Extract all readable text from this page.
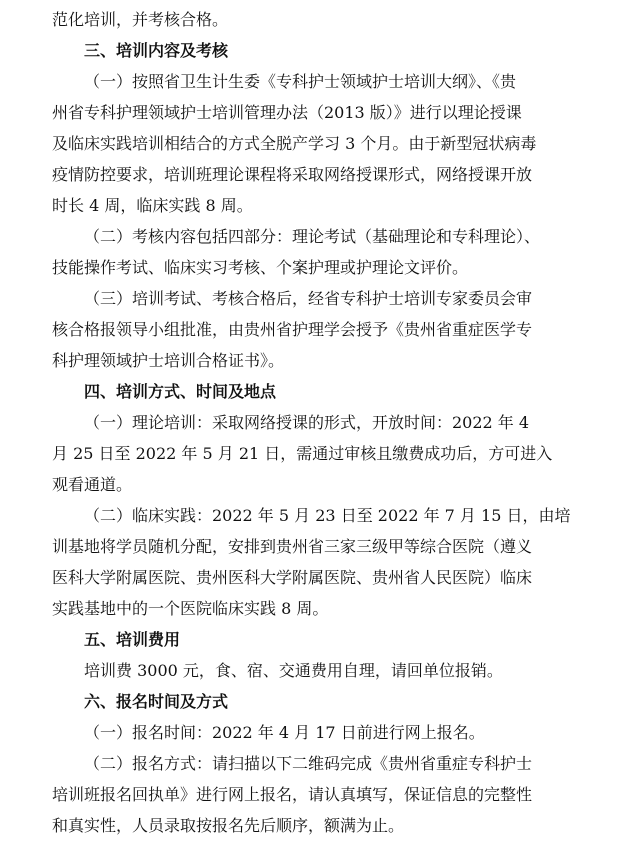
范化培训，并考核合格。
三、培训内容及考核
（一）按照省卫生计生委《专科护士领域护士培训大纲》、《贵
州省专科护理领域护士培训管理办法（2013 版）》进行以理论授课
及临床实践培训相结合的方式全脱产学习 3 个月。由于新型冠状病毒
疫情防控要求，培训班理论课程将采取网络授课形式，网络授课开放
时长 4 周，临床实践 8 周。
（二）考核内容包括四部分：理论考试（基础理论和专科理论）、
技能操作考试、临床实习考核、个案护理或护理论文评价。
（三）培训考试、考核合格后，经省专科护士培训专家委员会审
核合格报领导小组批准，由贵州省护理学会授予《贵州省重症医学专
科护理领域护士培训合格证书》。
四、培训方式、时间及地点
（一）理论培训：采取网络授课的形式，开放时间：2022 年 4
月 25 日至 2022 年 5 月 21 日，需通过审核且缴费成功后，方可进入
观看通道。
（二）临床实践：2022 年 5 月 23 日至 2022 年 7 月 15 日，由培
训基地将学员随机分配，安排到贵州省三家三级甲等综合医院（遵义
医科大学附属医院、贵州医科大学附属医院、贵州省人民医院）临床
实践基地中的一个医院临床实践 8 周。
五、培训费用
培训费 3000 元，食、宿、交通费用自理，请回单位报销。
六、报名时间及方式
（一）报名时间：2022 年 4 月 17 日前进行网上报名。
（二）报名方式：请扫描以下二维码完成《贵州省重症专科护士
培训班报名回执单》进行网上报名，请认真填写，保证信息的完整性
和真实性，人员录取按报名先后顺序，额满为止。
